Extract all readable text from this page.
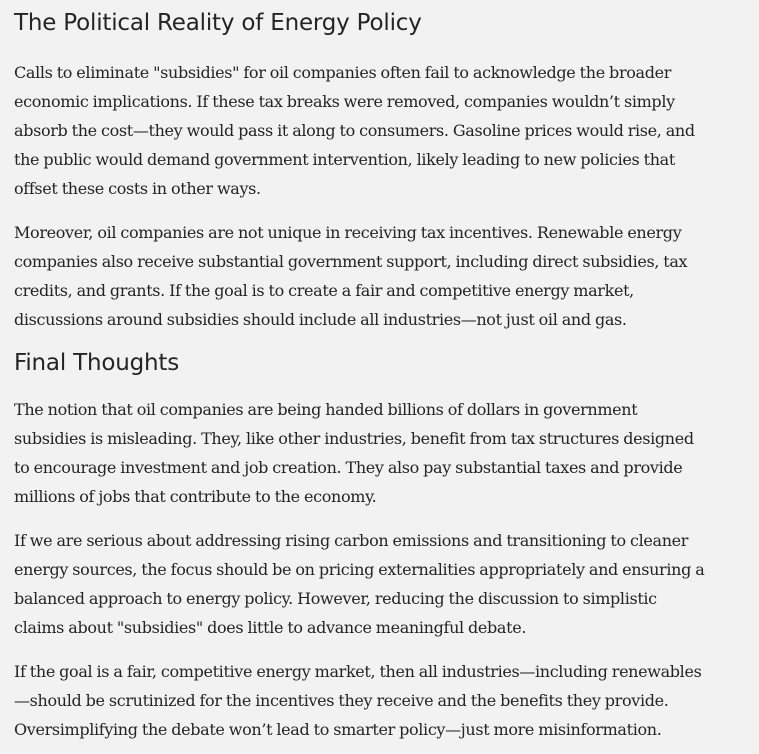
The Political Reality of Energy Policy

Calls to eliminate "subsidies" for oil companies often fail to acknowledge the broader
economic implications. If these tax breaks were removed, companies wouldn’t simply
absorb the cost—they would pass it along to consumers. Gasoline prices would rise, and
the public would demand government intervention, likely leading to new policies that
offset these costs in other ways.

Moreover, oil companies are not unique in receiving tax incentives. Renewable energy
companies also receive substantial government support, including direct subsidies, tax
credits, and grants. If the goal is to create a fair and competitive energy market,
discussions around subsidies should include all industries—not just oil and gas.

Final Thoughts

The notion that oil companies are being handed billions of dollars in government
subsidies is misleading. They, like other industries, benefit from tax structures designed
to encourage investment and job creation. They also pay substantial taxes and provide
millions of jobs that contribute to the economy.

If we are serious about addressing rising carbon emissions and transitioning to cleaner
energy sources, the focus should be on pricing externalities appropriately and ensuring a
balanced approach to energy policy. However, reducing the discussion to simplistic
claims about "subsidies" does little to advance meaningful debate.

If the goal is a fair, competitive energy market, then all industries—including renewables
—should be scrutinized for the incentives they receive and the benefits they provide.
Oversimplifying the debate won’t lead to smarter policy—just more misinformation.
